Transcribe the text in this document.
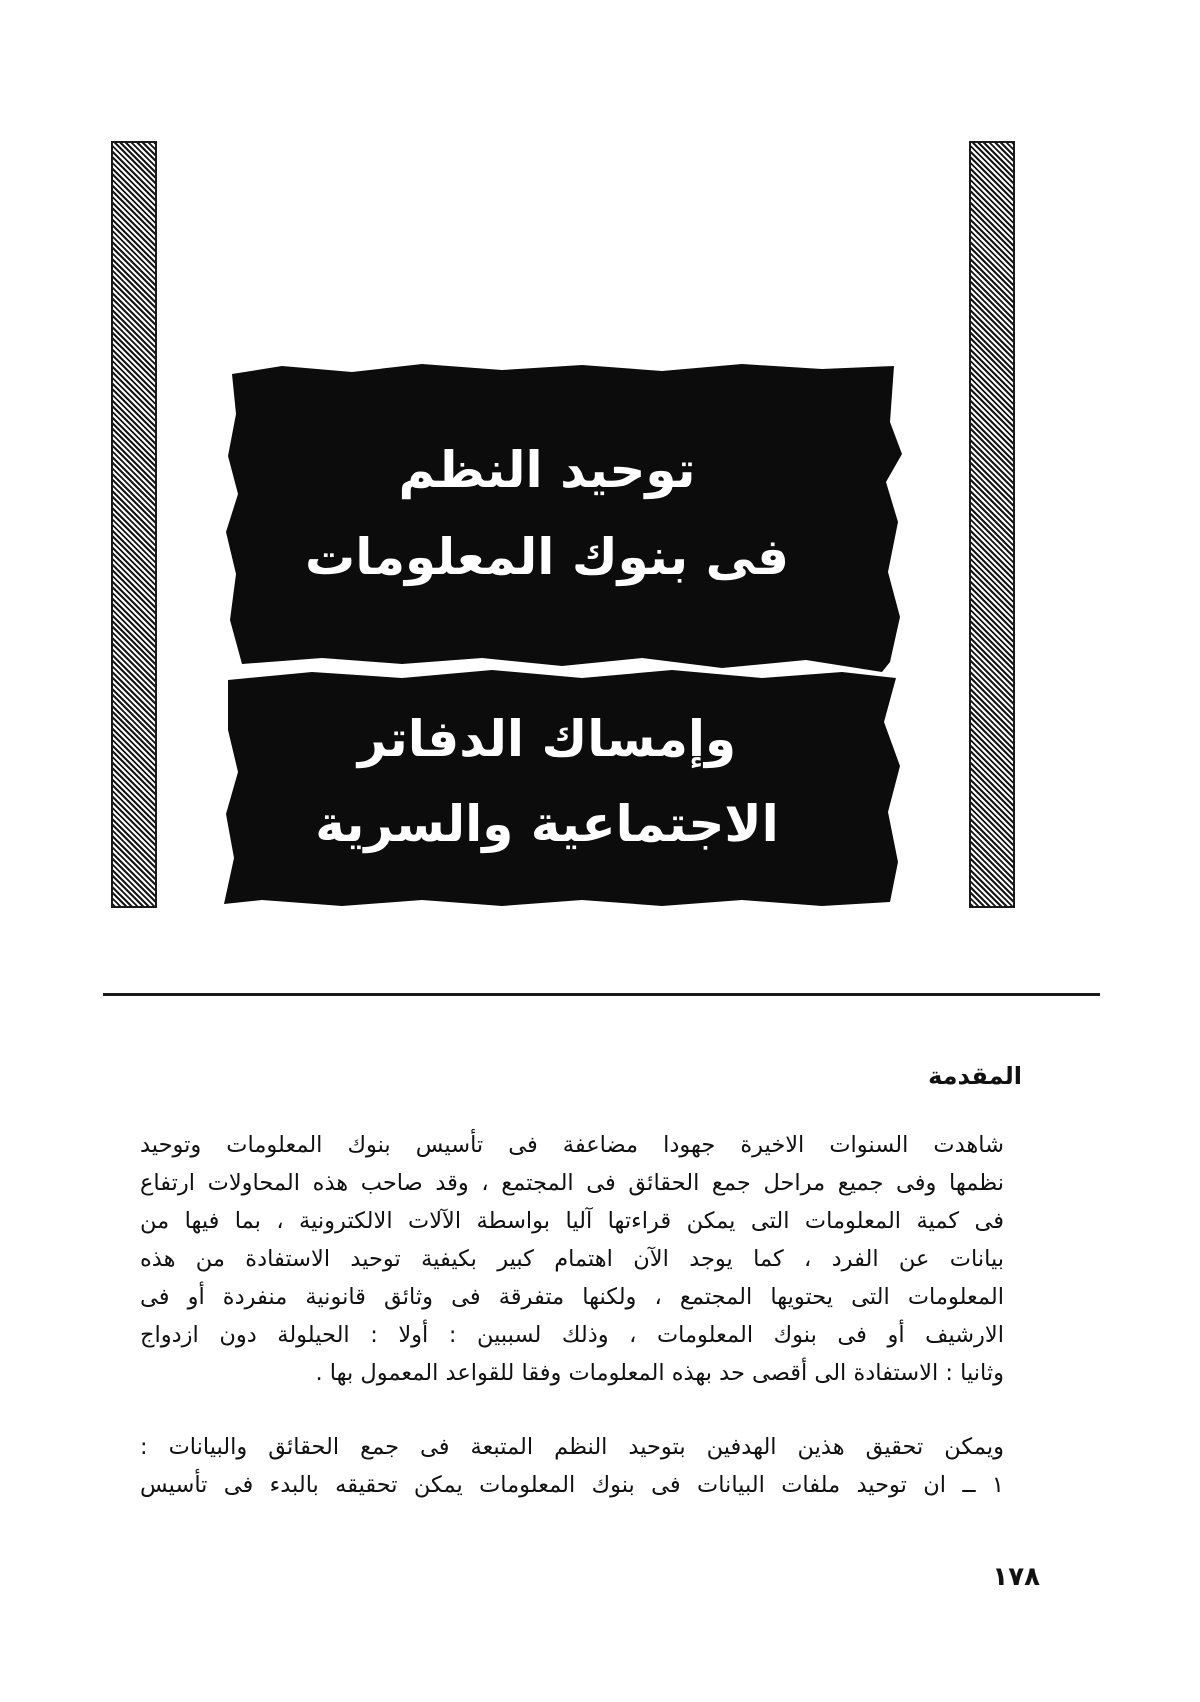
توحيد النظم
فى بنوك المعلومات
وإمساك الدفاتر
الاجتماعية والسرية
المقدمة
شاهدت السنوات الاخيرة جهودا مضاعفة فى تأسيس بنوك المعلومات وتوحيد
نظمها وفى جميع مراحل جمع الحقائق فى المجتمع ، وقد صاحب هذه المحاولات ارتفاع
فى كمية المعلومات التى يمكن قراءتها آليا بواسطة الآلات الالكترونية ، بما فيها من
بيانات عن الفرد ، كما يوجد الآن اهتمام كبير بكيفية توحيد الاستفادة من هذه
المعلومات التى يحتويها المجتمع ، ولكنها متفرقة فى وثائق قانونية منفردة أو فى
الارشيف أو فى بنوك المعلومات ، وذلك لسببين : أولا : الحيلولة دون ازدواج
وثانيا : الاستفادة الى أقصى حد بهذه المعلومات وفقا للقواعد المعمول بها .
ويمكن تحقيق هذين الهدفين بتوحيد النظم المتبعة فى جمع الحقائق والبيانات :
١ ــ ان توحيد ملفات البيانات فى بنوك المعلومات يمكن تحقيقه بالبدء فى تأسيس
١٧٨
